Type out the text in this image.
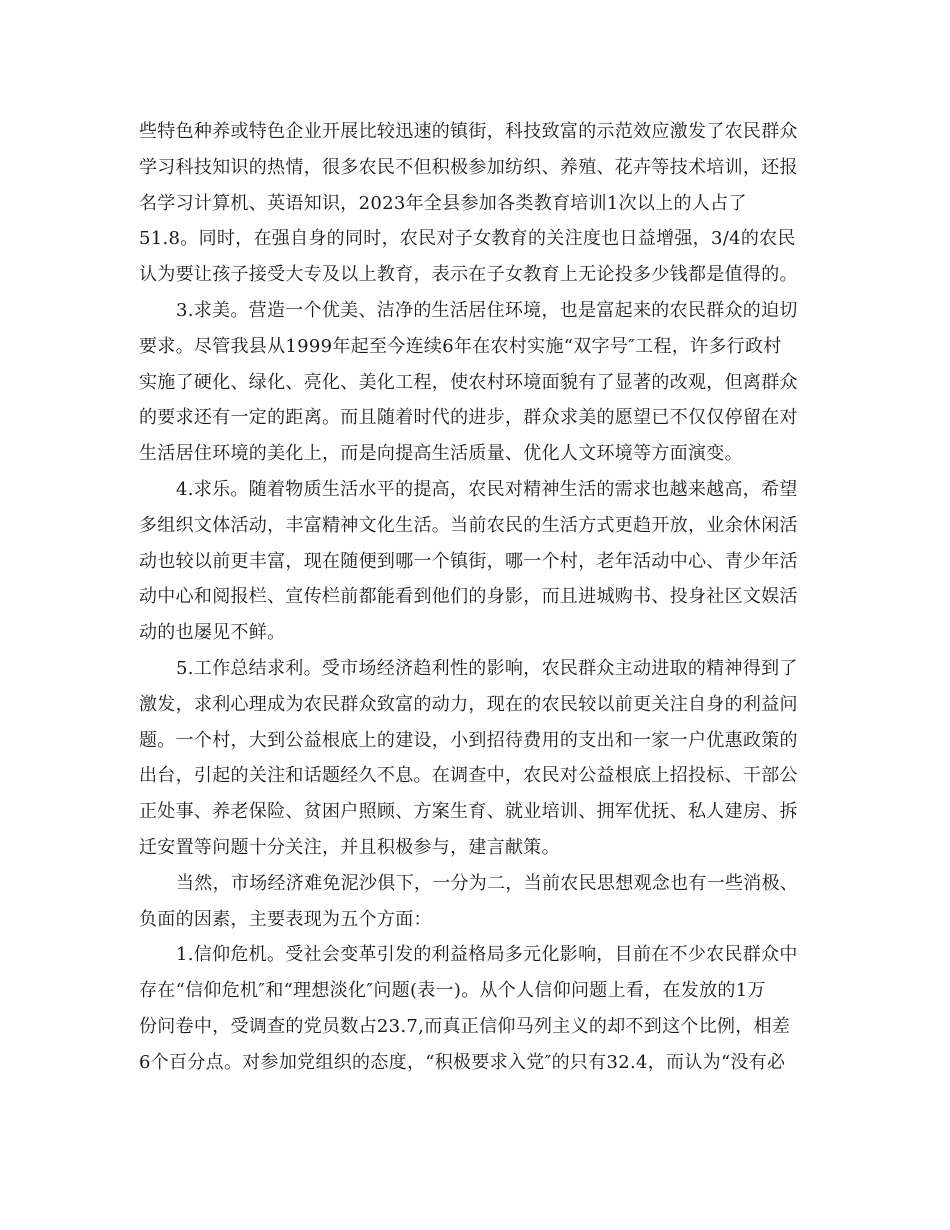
些特色种养或特色企业开展比较迅速的镇街，科技致富的示范效应激发了农民群众
学习科技知识的热情，很多农民不但积极参加纺织、养殖、花卉等技术培训，还报
名学习计算机、英语知识，2023年全县参加各类教育培训1次以上的人占了
51.8。同时，在强自身的同时，农民对子女教育的关注度也日益增强，3/4的农民
认为要让孩子接受大专及以上教育，表示在子女教育上无论投多少钱都是值得的。
3.求美。营造一个优美、洁净的生活居住环境，也是富起来的农民群众的迫切
要求。尽管我县从1999年起至今连续6年在农村实施“双字号″工程，许多行政村
实施了硬化、绿化、亮化、美化工程，使农村环境面貌有了显著的改观，但离群众
的要求还有一定的距离。而且随着时代的进步，群众求美的愿望已不仅仅停留在对
生活居住环境的美化上，而是向提高生活质量、优化人文环境等方面演变。
4.求乐。随着物质生活水平的提高，农民对精神生活的需求也越来越高，希望
多组织文体活动，丰富精神文化生活。当前农民的生活方式更趋开放，业余休闲活
动也较以前更丰富，现在随便到哪一个镇街，哪一个村，老年活动中心、青少年活
动中心和阅报栏、宣传栏前都能看到他们的身影，而且进城购书、投身社区文娱活
动的也屡见不鲜。
5.工作总结求利。受市场经济趋利性的影响，农民群众主动进取的精神得到了
激发，求利心理成为农民群众致富的动力，现在的农民较以前更关注自身的利益问
题。一个村，大到公益根底上的建设，小到招待费用的支出和一家一户优惠政策的
出台，引起的关注和话题经久不息。在调查中，农民对公益根底上招投标、干部公
正处事、养老保险、贫困户照顾、方案生育、就业培训、拥军优抚、私人建房、拆
迁安置等问题十分关注，并且积极参与，建言献策。
当然，市场经济难免泥沙俱下，一分为二，当前农民思想观念也有一些消极、
负面的因素，主要表现为五个方面：
1.信仰危机。受社会变革引发的利益格局多元化影响，目前在不少农民群众中
存在“信仰危机″和“理想淡化″问题(表一)。从个人信仰问题上看，在发放的1万
份问卷中，受调查的党员数占23.7,而真正信仰马列主义的却不到这个比例，相差
6个百分点。对参加党组织的态度，“积极要求入党″的只有32.4，而认为“没有必
